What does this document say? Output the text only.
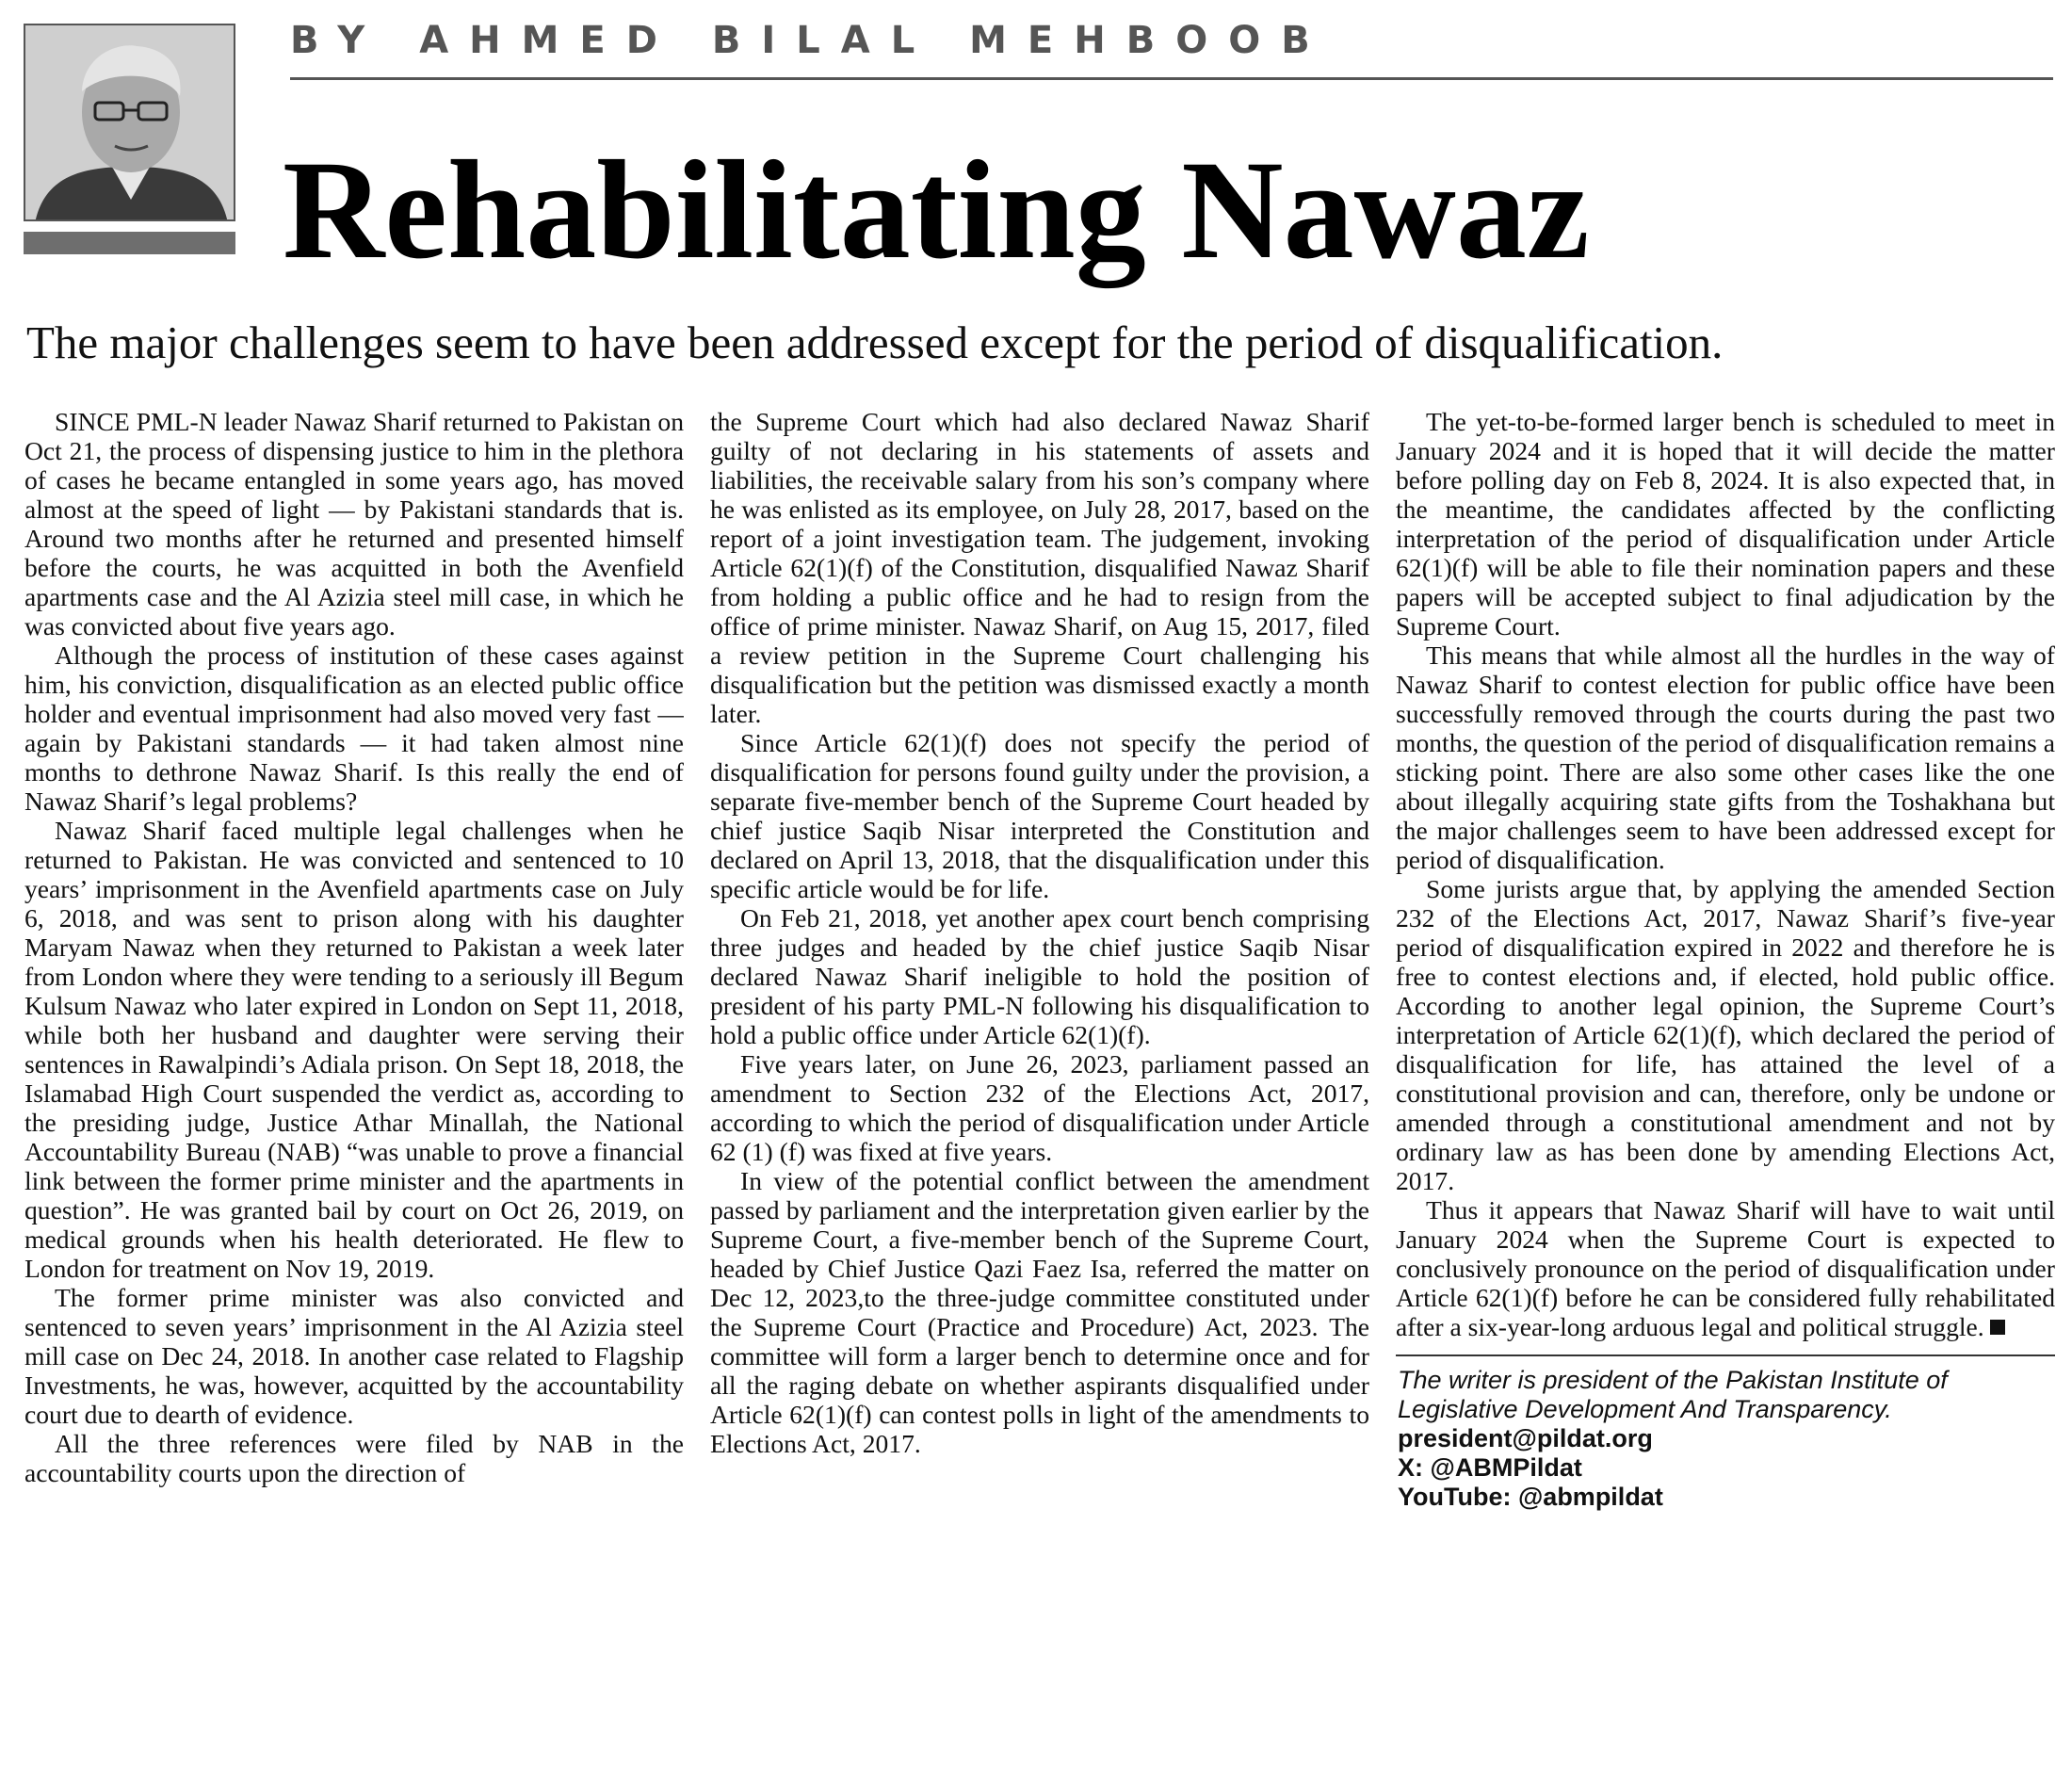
BY AHMED BILAL MEHBOOB
Rehabilitating Nawaz
The major challenges seem to have been addressed except for the period of disqualification.

SINCE PML-N leader Nawaz Sharif returned to Pakistan on Oct 21, the process of dispensing justice to him in the plethora of cases he became entangled in some years ago, has moved almost at the speed of light — by Pakistani standards that is. Around two months after he returned and presented himself before the courts, he was acquitted in both the Avenfield apartments case and the Al Azizia steel mill case, in which he was convicted about five years ago.

Although the process of institution of these cases against him, his conviction, disqualification as an elected public office holder and eventual imprisonment had also moved very fast — again by Pakistani standards — it had taken almost nine months to dethrone Nawaz Sharif. Is this really the end of Nawaz Sharif’s legal problems?

Nawaz Sharif faced multiple legal challenges when he returned to Pakistan. He was convicted and sentenced to 10 years’ imprisonment in the Avenfield apartments case on July 6, 2018, and was sent to prison along with his daughter Maryam Nawaz when they returned to Pakistan a week later from London where they were tending to a seriously ill Begum Kulsum Nawaz who later expired in London on Sept 11, 2018, while both her husband and daughter were serving their sentences in Rawalpindi’s Adiala prison. On Sept 18, 2018, the Islamabad High Court suspended the verdict as, according to the presiding judge, Justice Athar Minallah, the National Accountability Bureau (NAB) “was unable to prove a financial link between the former prime minister and the apartments in question”. He was granted bail by court on Oct 26, 2019, on medical grounds when his health deteriorated. He flew to London for treatment on Nov 19, 2019.

The former prime minister was also convicted and sentenced to seven years’ imprisonment in the Al Azizia steel mill case on Dec 24, 2018. In another case related to Flagship Investments, he was, however, acquitted by the accountability court due to dearth of evidence.

All the three references were filed by NAB in the accountability courts upon the direction of

the Supreme Court which had also declared Nawaz Sharif guilty of not declaring in his statements of assets and liabilities, the receivable salary from his son’s company where he was enlisted as its employee, on July 28, 2017, based on the report of a joint investigation team. The judgement, invoking Article 62(1)(f) of the Constitution, disqualified Nawaz Sharif from holding a public office and he had to resign from the office of prime minister. Nawaz Sharif, on Aug 15, 2017, filed a review petition in the Supreme Court challenging his disqualification but the petition was dismissed exactly a month later.

Since Article 62(1)(f) does not specify the period of disqualification for persons found guilty under the provision, a separate five-member bench of the Supreme Court headed by chief justice Saqib Nisar interpreted the Constitution and declared on April 13, 2018, that the disqualification under this specific article would be for life.

On Feb 21, 2018, yet another apex court bench comprising three judges and headed by the chief justice Saqib Nisar declared Nawaz Sharif ineligible to hold the position of president of his party PML-N following his disqualification to hold a public office under Article 62(1)(f).

Five years later, on June 26, 2023, parliament passed an amendment to Section 232 of the Elections Act, 2017, according to which the period of disqualification under Article 62 (1) (f) was fixed at five years.

In view of the potential conflict between the amendment passed by parliament and the interpretation given earlier by the Supreme Court, a five-member bench of the Supreme Court, headed by Chief Justice Qazi Faez Isa, referred the matter on Dec 12, 2023,to the three-judge committee constituted under the Supreme Court (Practice and Procedure) Act, 2023. The committee will form a larger bench to determine once and for all the raging debate on whether aspirants disqualified under Article 62(1)(f) can contest polls in light of the amendments to Elections Act, 2017.

The yet-to-be-formed larger bench is scheduled to meet in January 2024 and it is hoped that it will decide the matter before polling day on Feb 8, 2024. It is also expected that, in the meantime, the candidates affected by the conflicting interpretation of the period of disqualification under Article 62(1)(f) will be able to file their nomination papers and these papers will be accepted subject to final adjudication by the Supreme Court.

This means that while almost all the hurdles in the way of Nawaz Sharif to contest election for public office have been successfully removed through the courts during the past two months, the question of the period of disqualification remains a sticking point. There are also some other cases like the one about illegally acquiring state gifts from the Toshakhana but the major challenges seem to have been addressed except for period of disqualification.

Some jurists argue that, by applying the amended Section 232 of the Elections Act, 2017, Nawaz Sharif’s five-year period of disqualification expired in 2022 and therefore he is free to contest elections and, if elected, hold public office. According to another legal opinion, the Supreme Court’s interpretation of Article 62(1)(f), which declared the period of disqualification for life, has attained the level of a constitutional provision and can, therefore, only be undone or amended through a constitutional amendment and not by ordinary law as has been done by amending Elections Act, 2017.

Thus it appears that Nawaz Sharif will have to wait until January 2024 when the Supreme Court is expected to conclusively pronounce on the period of disqualification under Article 62(1)(f) before he can be considered fully rehabilitated after a six-year-long arduous legal and political struggle.

The writer is president of the Pakistan Institute of Legislative Development And Transparency.
president@pildat.org
X: @ABMPildat
YouTube: @abmpildat
